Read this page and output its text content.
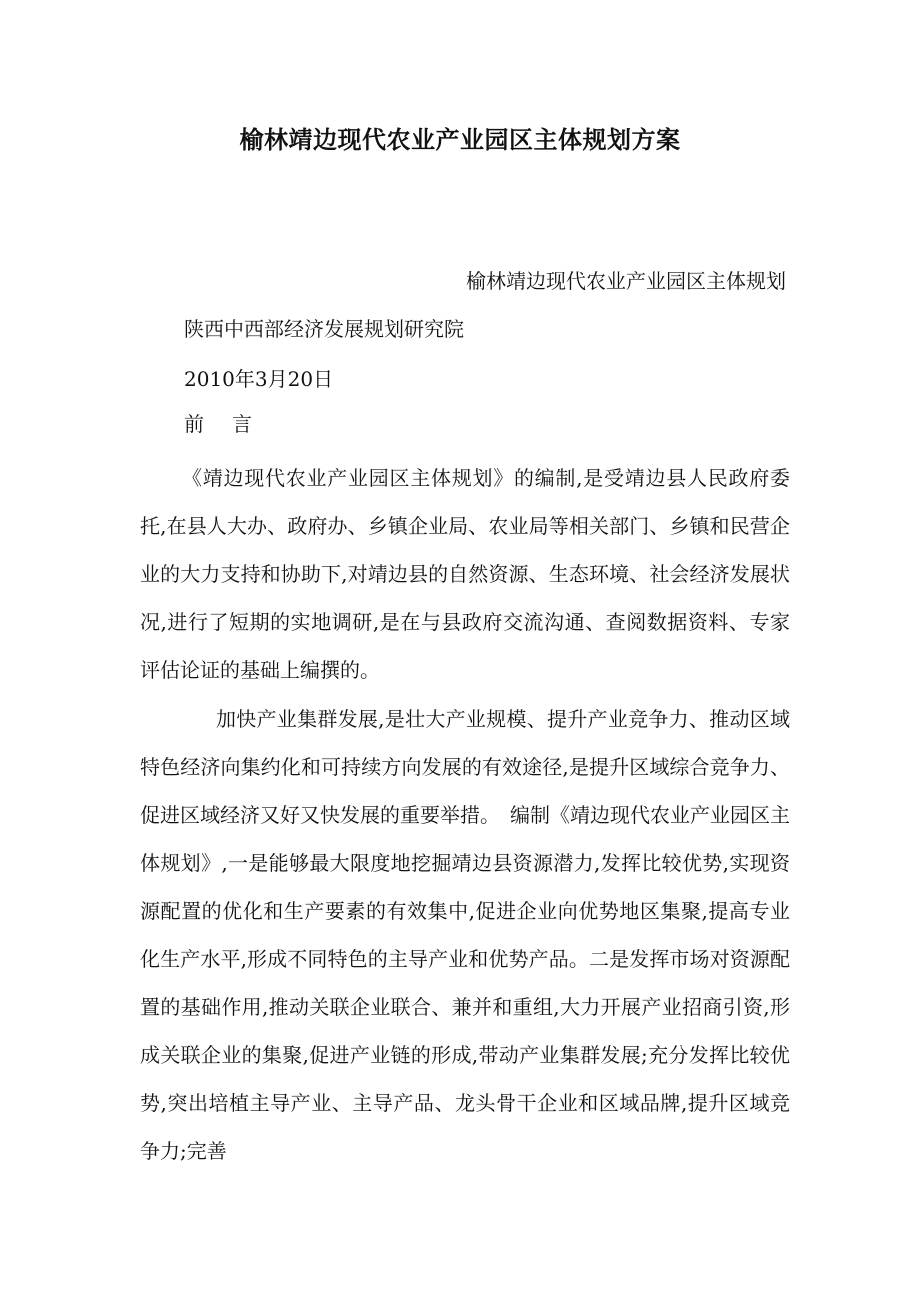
榆林靖边现代农业产业园区主体规划方案
榆林靖边现代农业产业园区主体规划
陕西中西部经济发展规划研究院
2010年3月20日
前 言
《靖边现代农业产业园区主体规划》的编制,是受靖边县人民政府委托,在县人大办、政府办、乡镇企业局、农业局等相关部门、乡镇和民营企业的大力支持和协助下,对靖边县的自然资源、生态环境、社会经济发展状况,进行了短期的实地调研,是在与县政府交流沟通、查阅数据资料、专家评估论证的基础上编撰的。
加快产业集群发展,是壮大产业规模、提升产业竞争力、推动区域特色经济向集约化和可持续方向发展的有效途径,是提升区域综合竞争力、促进区域经济又好又快发展的重要举措。　编制《靖边现代农业产业园区主体规划》,一是能够最大限度地挖掘靖边县资源潜力,发挥比较优势,实现资源配置的优化和生产要素的有效集中,促进企业向优势地区集聚,提高专业化生产水平,形成不同特色的主导产业和优势产品。二是发挥市场对资源配置的基础作用,推动关联企业联合、兼并和重组,大力开展产业招商引资,形成关联企业的集聚,促进产业链的形成,带动产业集群发展;充分发挥比较优势,突出培植主导产业、主导产品、龙头骨干企业和区域品牌,提升区域竞争力;完善
